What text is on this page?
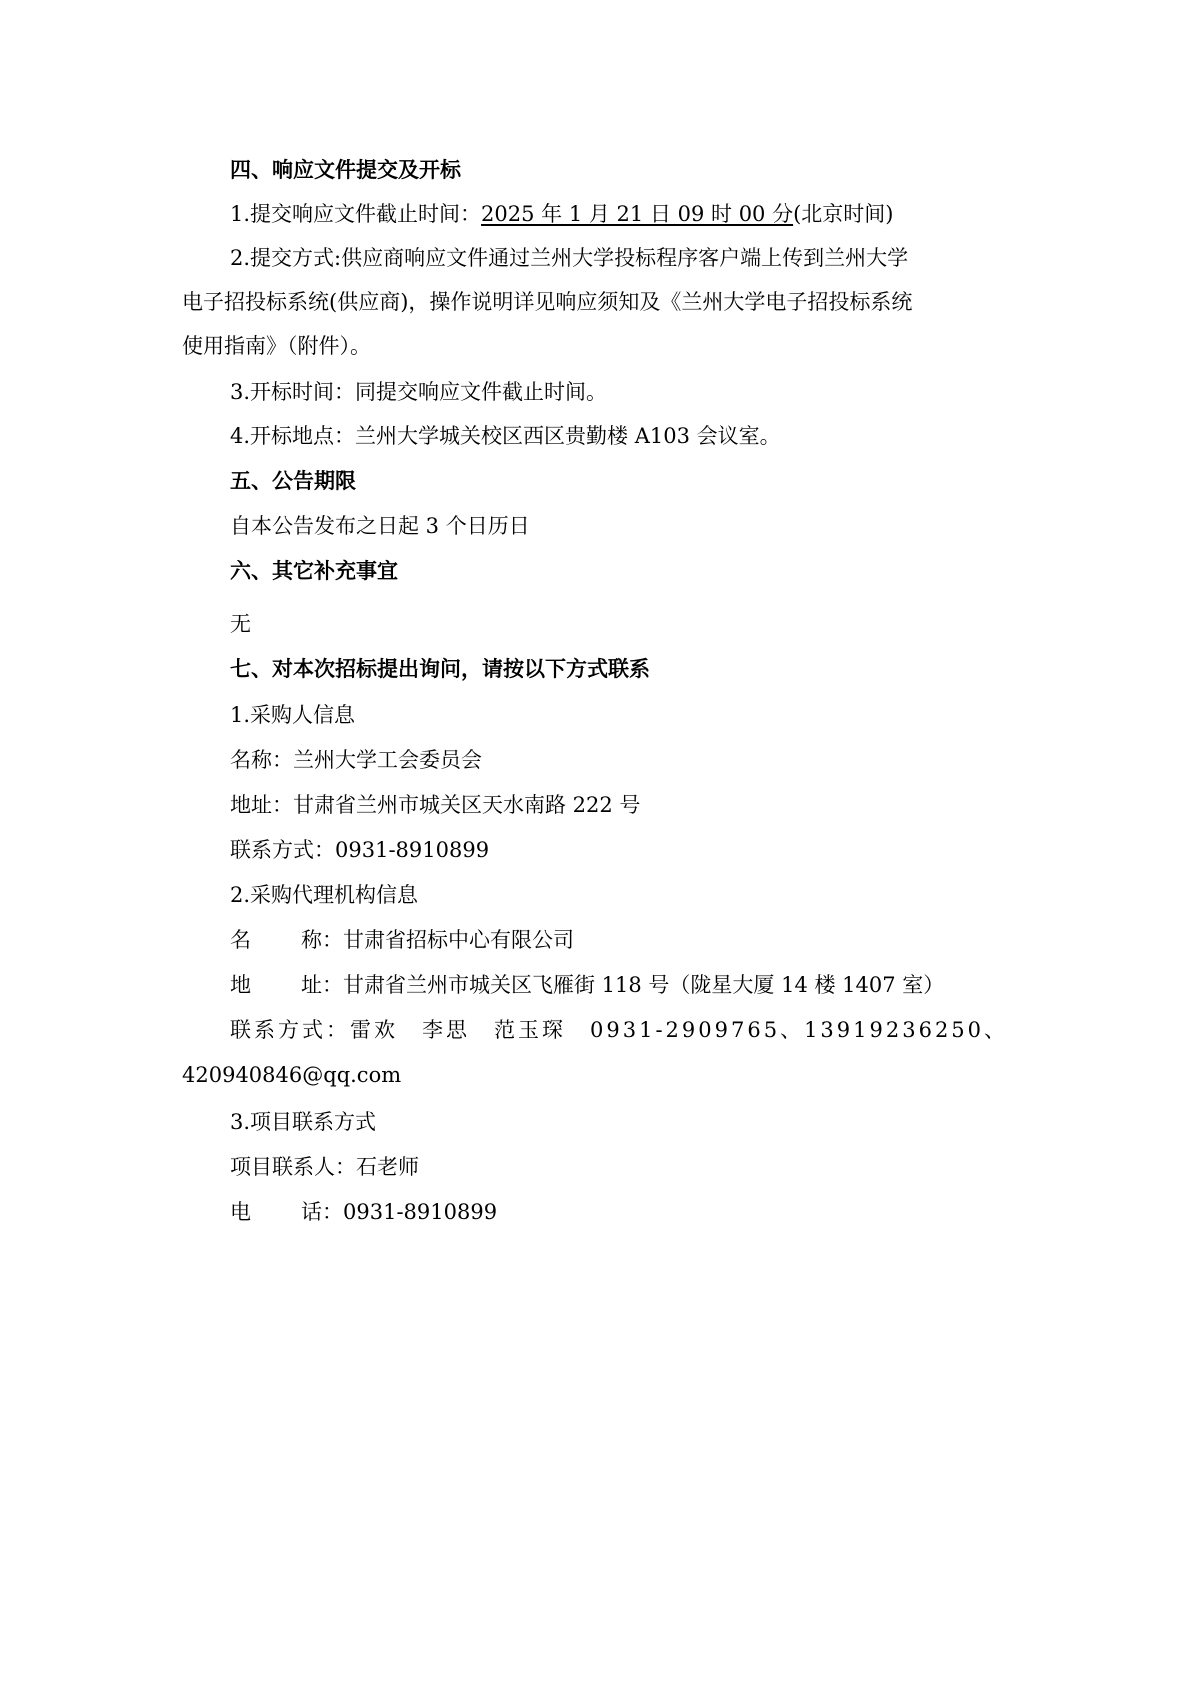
四、响应文件提交及开标
1.提交响应文件截止时间：2025 年 1 月 21 日 09 时 00 分(北京时间)
2.提交方式:供应商响应文件通过兰州大学投标程序客户端上传到兰州大学
电子招投标系统(供应商)，操作说明详见响应须知及《兰州大学电子招投标系统
使用指南》（附件）。
3.开标时间：同提交响应文件截止时间。
4.开标地点：兰州大学城关校区西区贵勤楼 A103 会议室。
五、公告期限
自本公告发布之日起 3 个日历日
六、其它补充事宜
无
七、对本次招标提出询问，请按以下方式联系
1.采购人信息
名称：兰州大学工会委员会
地址：甘肃省兰州市城关区天水南路 222 号
联系方式：0931-8910899
2.采购代理机构信息
名 称：甘肃省招标中心有限公司
地 址：甘肃省兰州市城关区飞雁街 118 号（陇星大厦 14 楼 1407 室）
联系方式：雷欢　李思　范玉琛　0931-2909765、13919236250、
420940846@qq.com
3.项目联系方式
项目联系人：石老师
电 话：0931-8910899
